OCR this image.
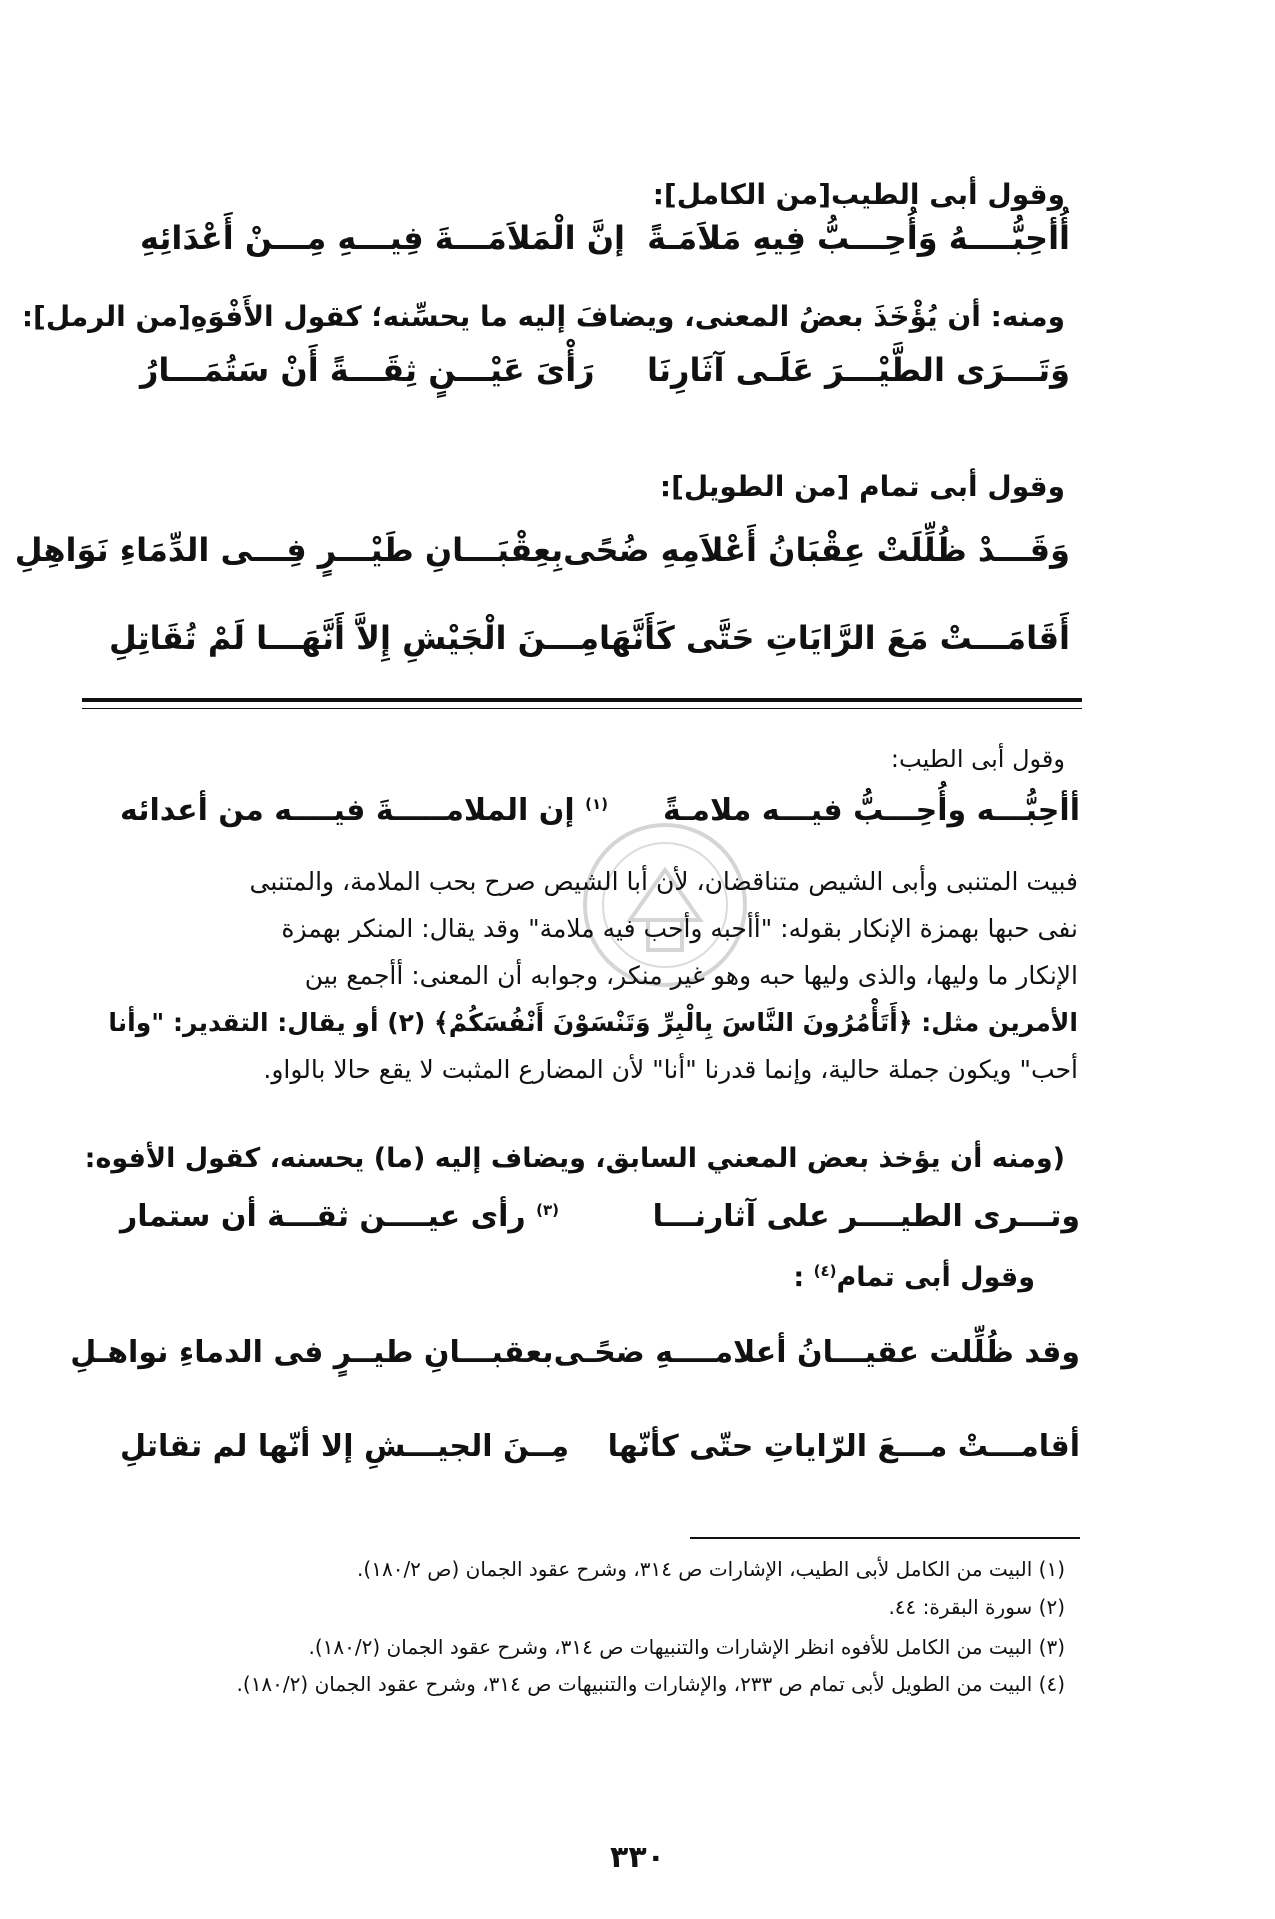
وقول أبى الطيب[من الكامل]:
أُأحِبُّــــهُ وَأُحِـــبُّ فِيهِ مَلاَمَـةً
إنَّ الْمَلاَمَـــةَ فِيـــهِ مِـــنْ أَعْدَائِهِ
ومنه: أن يُؤْخَذَ بعضُ المعنى، ويضافَ إليه ما يحسِّنه؛ كقول الأَفْوَهِ[من الرمل]:
وَتَـــرَى الطَّيْـــرَ عَلَـى آثَارِنَا
رَأْىَ عَيْـــنٍ ثِقَـــةً أَنْ سَتُمَـــارُ
وقول أبى تمام [من الطويل]:
وَقَـــدْ ظُلِّلَتْ عِقْبَانُ أَعْلاَمِهِ ضُحًى
بِعِقْبَـــانِ طَيْـــرٍ فِـــى الدِّمَاءِ نَوَاهِلِ
أَقَامَـــتْ مَعَ الرَّايَاتِ حَتَّى كَأَنَّهَا
مِـــنَ الْجَيْشِ إِلاَّ أَنَّهَـــا لَمْ تُقَاتِلِ
وقول أبى الطيب:
أأحِبُّـــه وأُحِـــبُّ فيـــه ملامـةً
$^{(١)}$ إن الملامـــــةَ فيــــه من أعدائه
فبيت المتنبى وأبى الشيص متناقضان، لأن أبا الشيص صرح بحب الملامة، والمتنبى
نفى حبها بهمزة الإنكار بقوله: "أأحبه وأحب فيه ملامة" وقد يقال: المنكر بهمزة
الإنكار ما وليها، والذى وليها حبه وهو غير منكر، وجوابه أن المعنى: أأجمع بين
الأمرين مثل: ﴿أَتَأْمُرُونَ النَّاسَ بِالْبِرِّ وَتَنْسَوْنَ أَنْفُسَكُمْ﴾ (٢) أو يقال: التقدير: "وأنا
أحب" ويكون جملة حالية، وإنما قدرنا "أنا" لأن المضارع المثبت لا يقع حالا بالواو.
(ومنه أن يؤخذ بعض المعني السابق، ويضاف إليه (ما) يحسنه، كقول الأفوه:
وتـــرى الطيــــر على آثارنـــا
$^{(٣)}$ رأى عيــــن ثقـــة أن ستمار
وقول أبى تمام$^{(٤)}$ :
وقد ظُلِّلت عقيـــانُ أعلامــــهِ ضحًـى
بعقبـــانِ طيــرٍ فى الدماءِ نواهـلِ
أقامـــتْ مـــعَ الرّاياتِ حتّى كأنّها
مِــنَ الجيـــشِ إلا أنّها لم تقاتلِ
(١) البيت من الكامل لأبى الطيب، الإشارات ص ٣١٤، وشرح عقود الجمان (ص ١٨٠/٢).
(٢) سورة البقرة: ٤٤.
(٣) البيت من الكامل للأفوه انظر الإشارات والتنبيهات ص ٣١٤، وشرح عقود الجمان (١٨٠/٢).
(٤) البيت من الطويل لأبى تمام ص ٢٣٣، والإشارات والتنبيهات ص ٣١٤، وشرح عقود الجمان (١٨٠/٢).
٣٣٠
